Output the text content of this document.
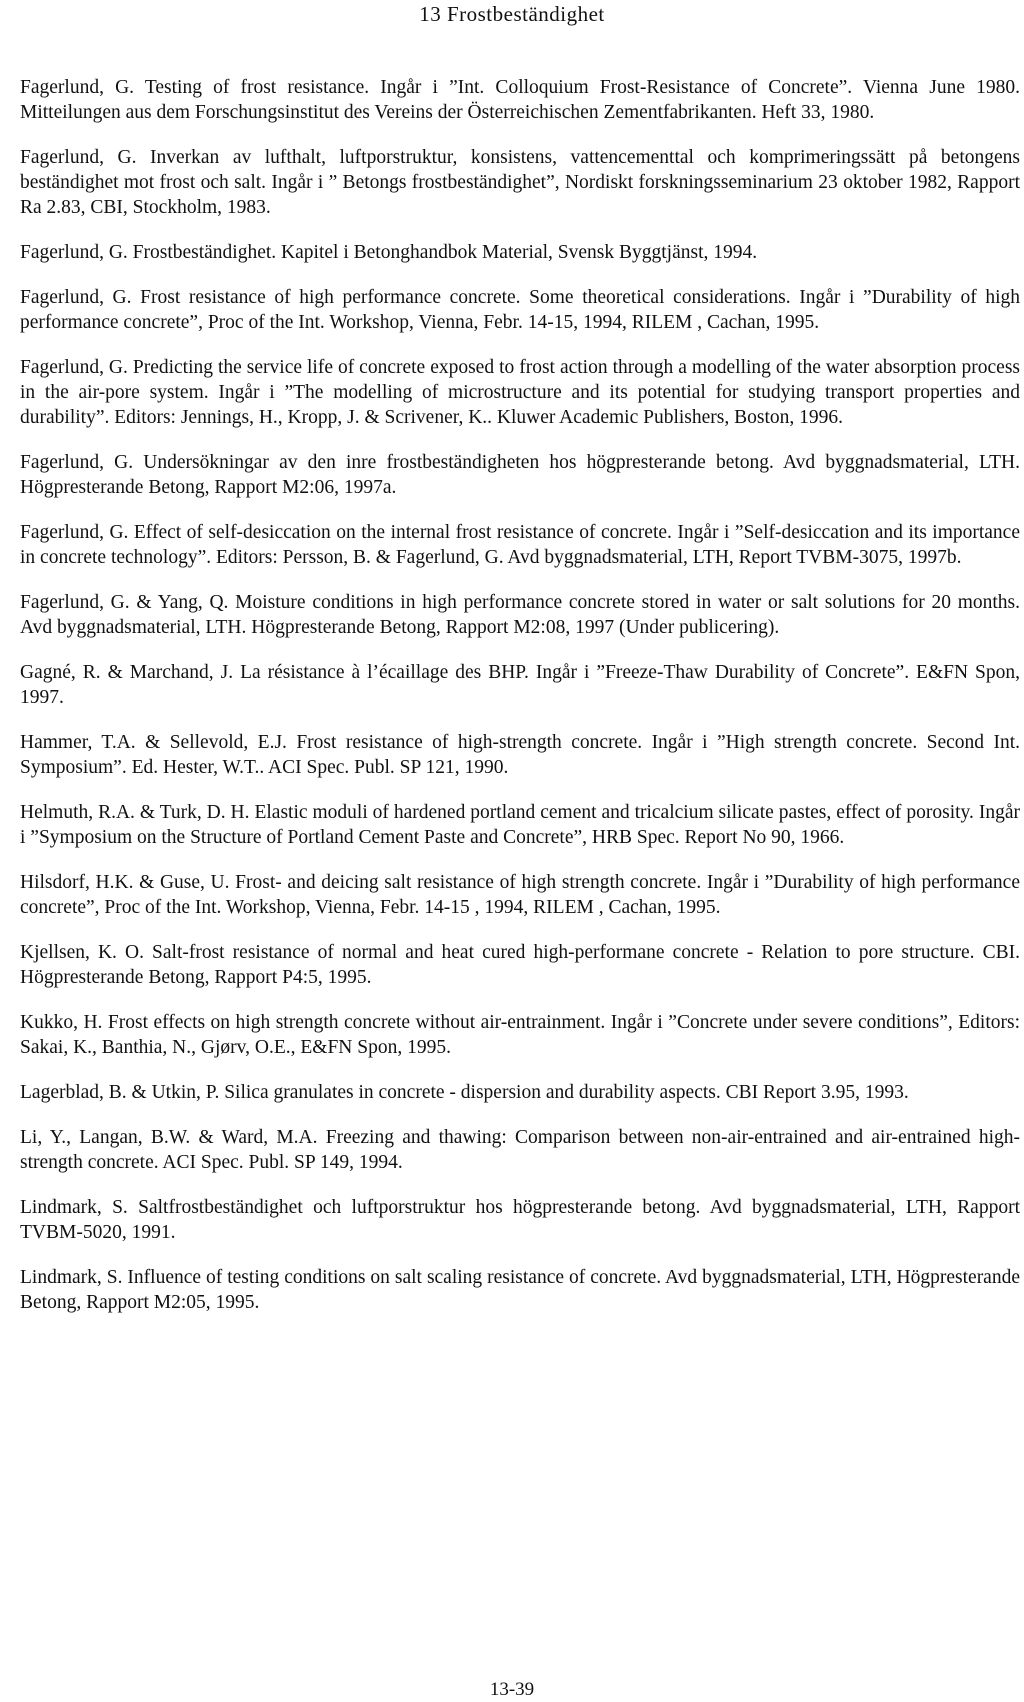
13 Frostbeständighet

Fagerlund, G. Testing of frost resistance. Ingår i ”Int. Colloquium Frost-Resistance of Concrete”. Vienna June 1980. Mitteilungen aus dem Forschungsinstitut des Vereins der Österreichischen Zementfabrikanten. Heft 33, 1980.

Fagerlund, G. Inverkan av lufthalt, luftporstruktur, konsistens, vattencementtal och komprimeringssätt på betongens beständighet mot frost och salt. Ingår i ” Betongs frostbeständighet”, Nordiskt forskningsseminarium 23 oktober 1982, Rapport Ra 2.83, CBI, Stockholm, 1983.

Fagerlund, G. Frostbeständighet. Kapitel i Betonghandbok Material, Svensk Byggtjänst, 1994.

Fagerlund, G. Frost resistance of high performance concrete. Some theoretical considerations. Ingår i ”Durability of high performance concrete”, Proc of the Int. Workshop, Vienna, Febr. 14-15, 1994, RILEM , Cachan, 1995.

Fagerlund, G. Predicting the service life of concrete exposed to frost action through a modelling of the water absorption process in the air-pore system. Ingår i ”The modelling of microstructure and its potential for studying transport properties and durability”. Editors: Jennings, H., Kropp, J. & Scrivener, K.. Kluwer Academic Publishers, Boston, 1996.

Fagerlund, G. Undersökningar av den inre frostbeständigheten hos högpresterande betong. Avd byggnadsmaterial, LTH. Högpresterande Betong, Rapport M2:06, 1997a.

Fagerlund, G. Effect of self-desiccation on the internal frost resistance of concrete. Ingår i ”Self-desiccation and its importance in concrete technology”. Editors: Persson, B. & Fagerlund, G. Avd byggnadsmaterial, LTH, Report TVBM-3075, 1997b.

Fagerlund, G. & Yang, Q. Moisture conditions in high performance concrete stored in water or salt solutions for 20 months. Avd byggnadsmaterial, LTH. Högpresterande Betong, Rapport M2:08, 1997 (Under publicering).

Gagné, R. & Marchand, J. La résistance à l’écaillage des BHP. Ingår i ”Freeze-Thaw Durability of Concrete”. E&FN Spon, 1997.

Hammer, T.A. & Sellevold, E.J. Frost resistance of high-strength concrete. Ingår i ”High strength concrete. Second Int. Symposium”. Ed. Hester, W.T.. ACI Spec. Publ. SP 121, 1990.

Helmuth, R.A. & Turk, D. H. Elastic moduli of hardened portland cement and tricalcium silicate pastes, effect of porosity. Ingår i ”Symposium on the Structure of Portland Cement Paste and Concrete”, HRB Spec. Report No 90, 1966.

Hilsdorf, H.K. & Guse, U. Frost- and deicing salt resistance of high strength concrete. Ingår i ”Durability of high performance concrete”, Proc of the Int. Workshop, Vienna, Febr. 14-15 , 1994, RILEM , Cachan, 1995.

Kjellsen, K. O. Salt-frost resistance of normal and heat cured high-performane concrete - Relation to pore structure. CBI. Högpresterande Betong, Rapport P4:5, 1995.

Kukko, H. Frost effects on high strength concrete without air-entrainment. Ingår i ”Concrete under severe conditions”, Editors: Sakai, K., Banthia, N., Gjørv, O.E., E&FN Spon, 1995.

Lagerblad, B. & Utkin, P. Silica granulates in concrete - dispersion and durability aspects. CBI Report 3.95, 1993.

Li, Y., Langan, B.W. & Ward, M.A. Freezing and thawing: Comparison between non-air-entrained and air-entrained high-strength concrete. ACI Spec. Publ. SP 149, 1994.

Lindmark, S. Saltfrostbeständighet och luftporstruktur hos högpresterande betong. Avd byggnadsmaterial, LTH, Rapport TVBM-5020, 1991.

Lindmark, S. Influence of testing conditions on salt scaling resistance of concrete. Avd byggnadsmaterial, LTH, Högpresterande Betong, Rapport M2:05, 1995.

13-39
